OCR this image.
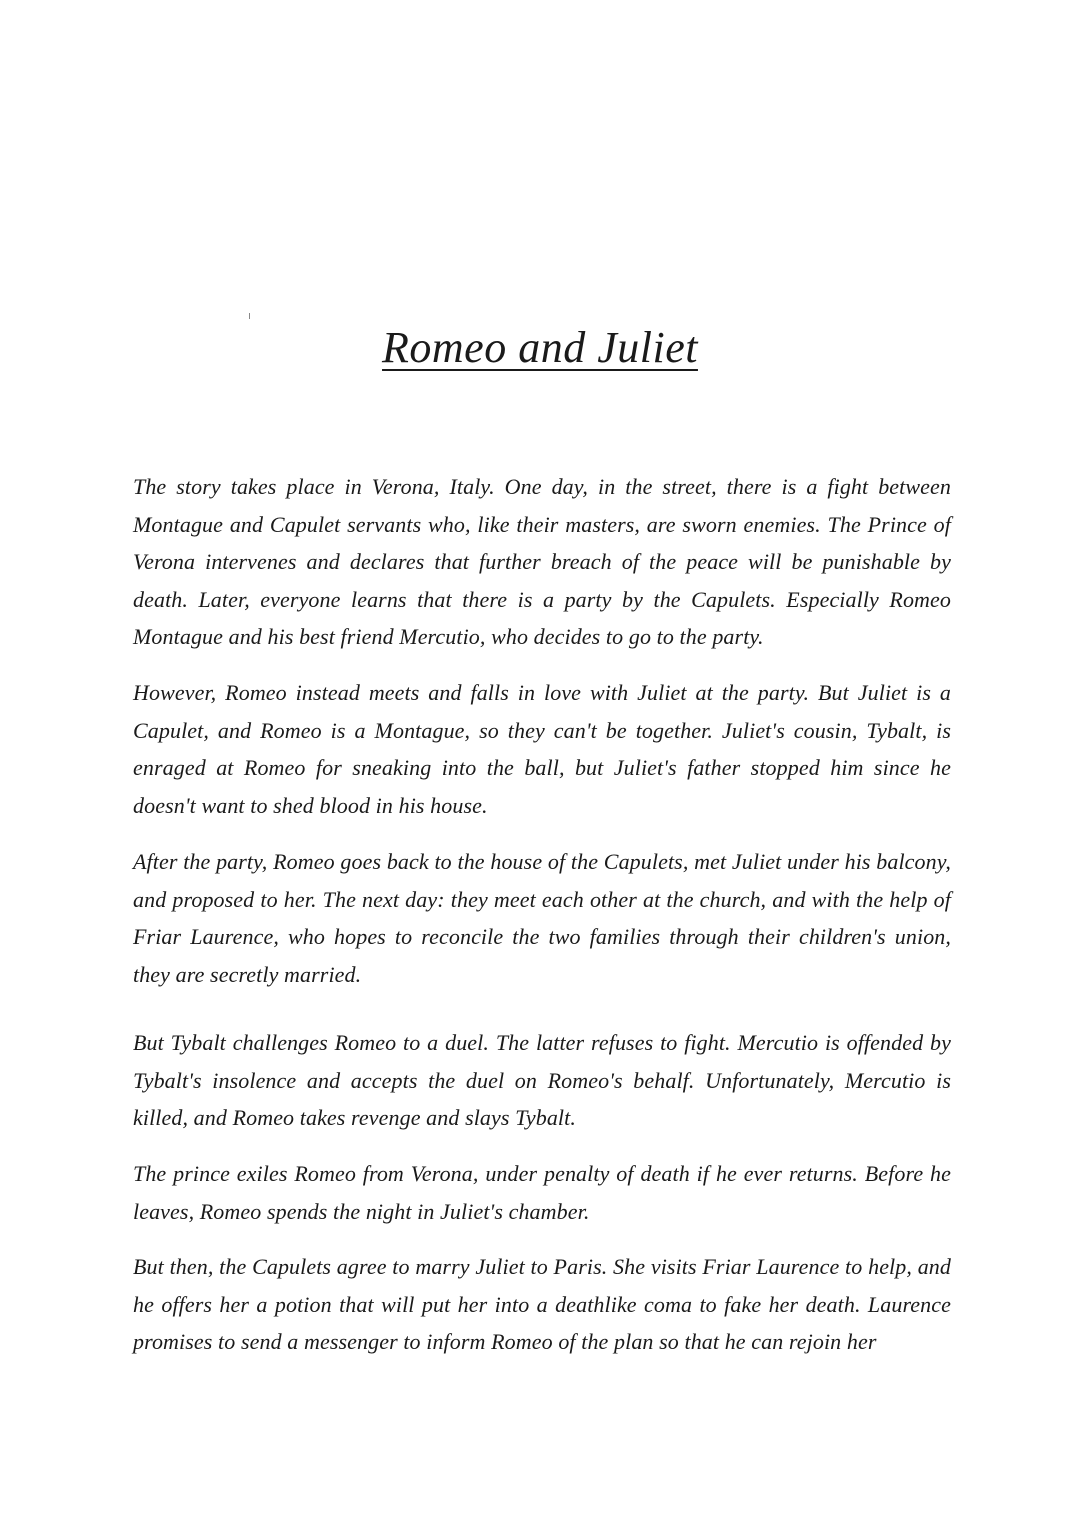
Romeo and Juliet

The story takes place in Verona, Italy. One day, in the street, there is a fight between Montague and Capulet servants who, like their masters, are sworn enemies. The Prince of Verona intervenes and declares that further breach of the peace will be punishable by death. Later, everyone learns that there is a party by the Capulets. Especially Romeo Montague and his best friend Mercutio, who decides to go to the party.

However, Romeo instead meets and falls in love with Juliet at the party. But Juliet is a Capulet, and Romeo is a Montague, so they can't be together. Juliet's cousin, Tybalt, is enraged at Romeo for sneaking into the ball, but Juliet's father stopped him since he doesn't want to shed blood in his house.

After the party, Romeo goes back to the house of the Capulets, met Juliet under his balcony, and proposed to her. The next day: they meet each other at the church, and with the help of Friar Laurence, who hopes to reconcile the two families through their children's union, they are secretly married.

But Tybalt challenges Romeo to a duel. The latter refuses to fight. Mercutio is offended by Tybalt's insolence and accepts the duel on Romeo's behalf. Unfortunately, Mercutio is killed, and Romeo takes revenge and slays Tybalt.

The prince exiles Romeo from Verona, under penalty of death if he ever returns. Before he leaves, Romeo spends the night in Juliet's chamber.

But then, the Capulets agree to marry Juliet to Paris. She visits Friar Laurence to help, and he offers her a potion that will put her into a deathlike coma to fake her death. Laurence promises to send a messenger to inform Romeo of the plan so that he can rejoin her
